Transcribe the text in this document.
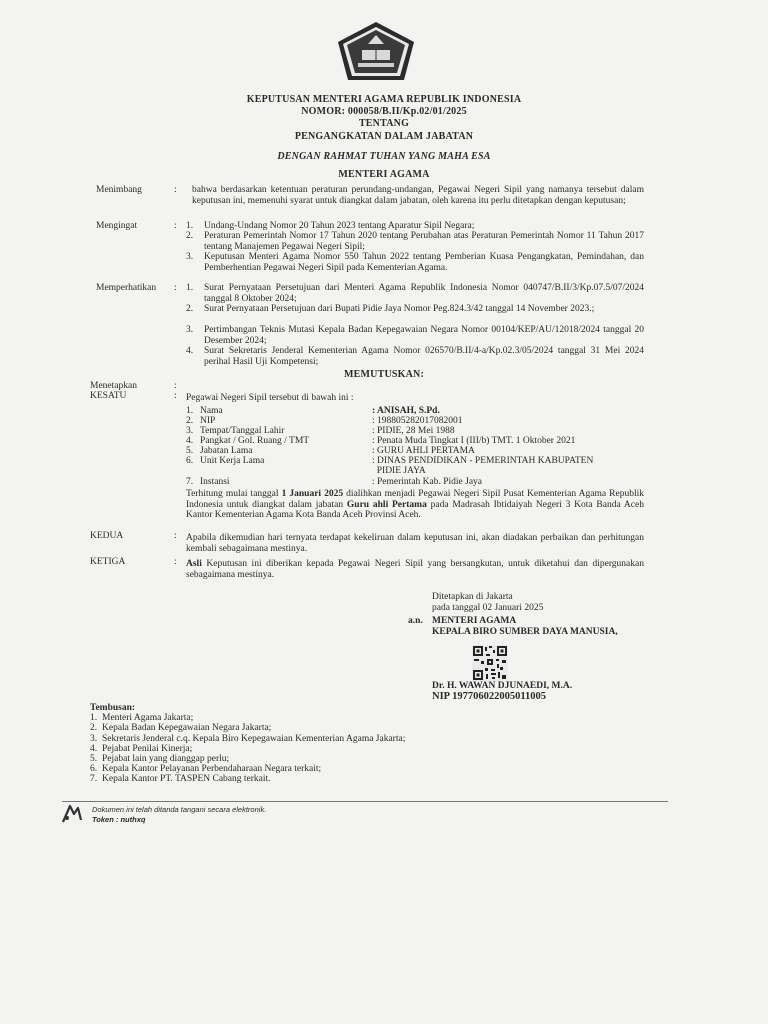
KEPUTUSAN MENTERI AGAMA REPUBLIK INDONESIA
NOMOR: 000058/B.II/Kp.02/01/2025
TENTANG
PENGANGKATAN DALAM JABATAN
DENGAN RAHMAT TUHAN YANG MAHA ESA
MENTERI AGAMA
Menimbang	: bahwa berdasarkan ketentuan peraturan perundang-undangan, Pegawai Negeri Sipil yang namanya tersebut dalam keputusan ini, memenuhi syarat untuk diangkat dalam jabatan, oleh karena itu perlu ditetapkan dengan keputusan;
Mengingat	: 1. Undang-Undang Nomor 20 Tahun 2023 tentang Aparatur Sipil Negara;
2. Peraturan Pemerintah Nomor 17 Tahun 2020 tentang Perubahan atas Peraturan Pemerintah Nomor 11 Tahun 2017 tentang Manajemen Pegawai Negeri Sipil;
3. Keputusan Menteri Agama Nomor 550 Tahun 2022 tentang Pemberian Kuasa Pengangkatan, Pemindahan, dan Pemberhentian Pegawai Negeri Sipil pada Kementerian Agama.
Memperhatikan : 1. Surat Pernyataan Persetujuan dari Menteri Agama Republik Indonesia Nomor 040747/B.II/3/Kp.07.5/07/2024 tanggal 8 Oktober 2024;
2. Surat Pernyataan Persetujuan dari Bupati Pidie Jaya Nomor Peg.824.3/42 tanggal 14 November 2023.;
3. Pertimbangan Teknis Mutasi Kepala Badan Kepegawaian Negara Nomor 00104/KEP/AU/12018/2024 tanggal 20 Desember 2024;
4. Surat Sekretaris Jenderal Kementerian Agama Nomor 026570/B.II/4-a/Kp.02.3/05/2024 tanggal 31 Mei 2024 perihal Hasil Uji Kompetensi;
MEMUTUSKAN:
Menetapkan	:
KESATU	: Pegawai Negeri Sipil tersebut di bawah ini :
1. Nama	: ANISAH, S.Pd.
2. NIP	: 198805282017082001
3. Tempat/Tanggal Lahir	: PIDIE, 28 Mei 1988
4. Pangkat / Gol. Ruang / TMT	: Penata Muda Tingkat I (III/b) TMT. 1 Oktober 2021
5. Jabatan Lama	: GURU AHLI PERTAMA
6. Unit Kerja Lama	: DINAS PENDIDIKAN - PEMERINTAH KABUPATEN
PIDIE JAYA
7. Instansi	: Pemerintah Kab. Pidie Jaya
Terhitung mulai tanggal 1 Januari 2025 dialihkan menjadi Pegawai Negeri Sipil Pusat Kementerian Agama Republik Indonesia untuk diangkat dalam jabatan Guru ahli Pertama pada Madrasah Ibtidaiyah Negeri 3 Kota Banda Aceh Kantor Kementerian Agama Kota Banda Aceh Provinsi Aceh.
KEDUA	: Apabila dikemudian hari ternyata terdapat kekeliruan dalam keputusan ini, akan diadakan perbaikan dan perhitungan kembali sebagaimana mestinya.
KETIGA	: Asli Keputusan ini diberikan kepada Pegawai Negeri Sipil yang bersangkutan, untuk diketahui dan dipergunakan sebagaimana mestinya.
Ditetapkan di Jakarta
pada tanggal 02 Januari 2025
a.n. MENTERI AGAMA
KEPALA BIRO SUMBER DAYA MANUSIA,
Dr. H. WAWAN DJUNAEDI, M.A.
NIP 197706022005011005
Tembusan:
1. Menteri Agama Jakarta;
2. Kepala Badan Kepegawaian Negara Jakarta;
3. Sekretaris Jenderal c.q. Kepala Biro Kepegawaian Kementerian Agama Jakarta;
4. Pejabat Penilai Kinerja;
5. Pejabat lain yang dianggap perlu;
6. Kepala Kantor Pelayanan Perbendaharaan Negara terkait;
7. Kepala Kantor PT. TASPEN Cabang terkait.
Dokumen ini telah ditanda tangani secara elektronik.
Token : nuthxq
